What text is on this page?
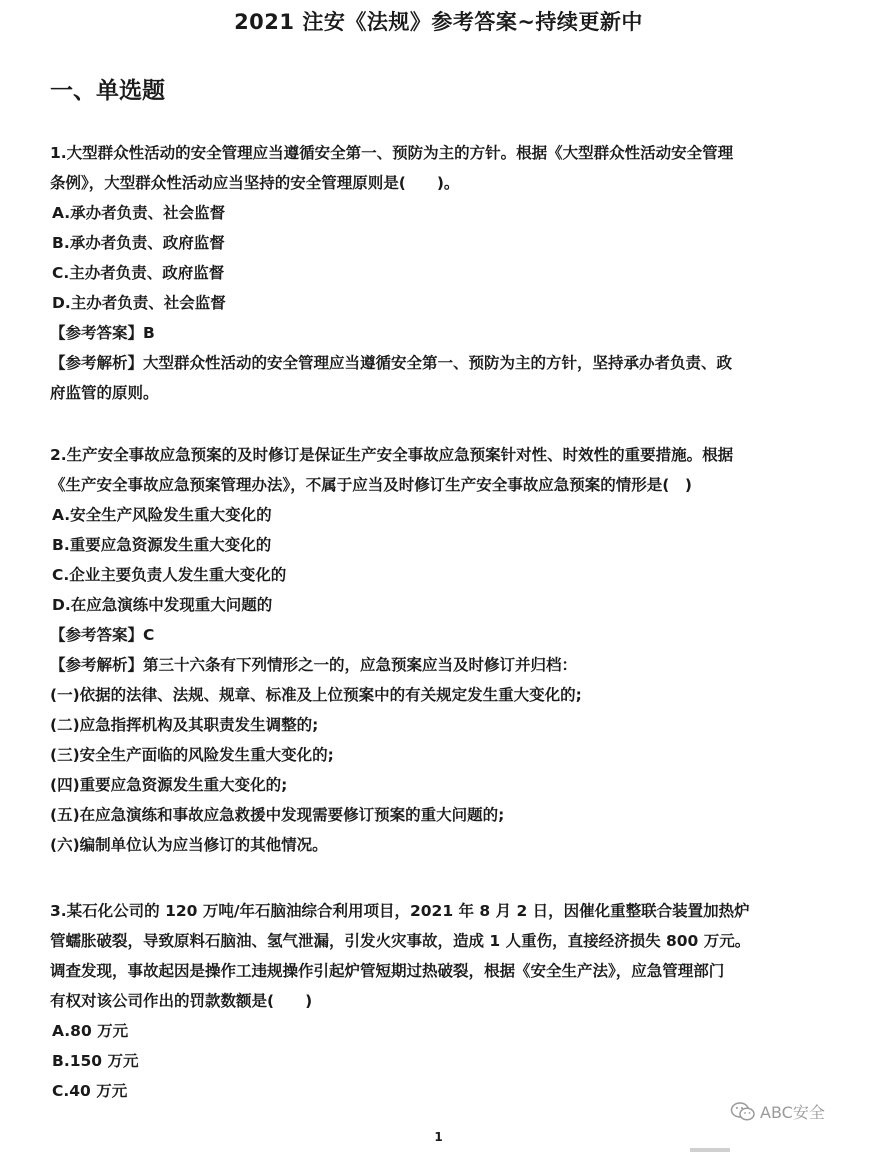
2021 注安《法规》参考答案~持续更新中
一、单选题

1.大型群众性活动的安全管理应当遵循安全第一、预防为主的方针。根据《大型群众性活动安全管理

条例》，大型群众性活动应当坚持的安全管理原则是(　　)。

A.承办者负责、社会监督

B.承办者负责、政府监督

C.主办者负责、政府监督

D.主办者负责、社会监督

【参考答案】B

【参考解析】大型群众性活动的安全管理应当遵循安全第一、预防为主的方针，坚持承办者负责、政

府监管的原则。

2.生产安全事故应急预案的及时修订是保证生产安全事故应急预案针对性、时效性的重要措施。根据

《生产安全事故应急预案管理办法》，不属于应当及时修订生产安全事故应急预案的情形是(　)

A.安全生产风险发生重大变化的

B.重要应急资源发生重大变化的

C.企业主要负责人发生重大变化的

D.在应急演练中发现重大问题的

【参考答案】C

【参考解析】第三十六条有下列情形之一的，应急预案应当及时修订并归档：

(一)依据的法律、法规、规章、标准及上位预案中的有关规定发生重大变化的;

(二)应急指挥机构及其职责发生调整的;

(三)安全生产面临的风险发生重大变化的;

(四)重要应急资源发生重大变化的;

(五)在应急演练和事故应急救援中发现需要修订预案的重大问题的;

(六)编制单位认为应当修订的其他情况。

3.某石化公司的 120 万吨/年石脑油综合利用项目，2021 年 8 月 2 日，因催化重整联合装置加热炉

管蠕胀破裂，导致原料石脑油、氢气泄漏，引发火灾事故，造成 1 人重伤，直接经济损失 800 万元。

调查发现，事故起因是操作工违规操作引起炉管短期过热破裂，根据《安全生产法》，应急管理部门

有权对该公司作出的罚款数额是(　　)

A.80 万元

B.150 万元

C.40 万元

1
ABC安全
